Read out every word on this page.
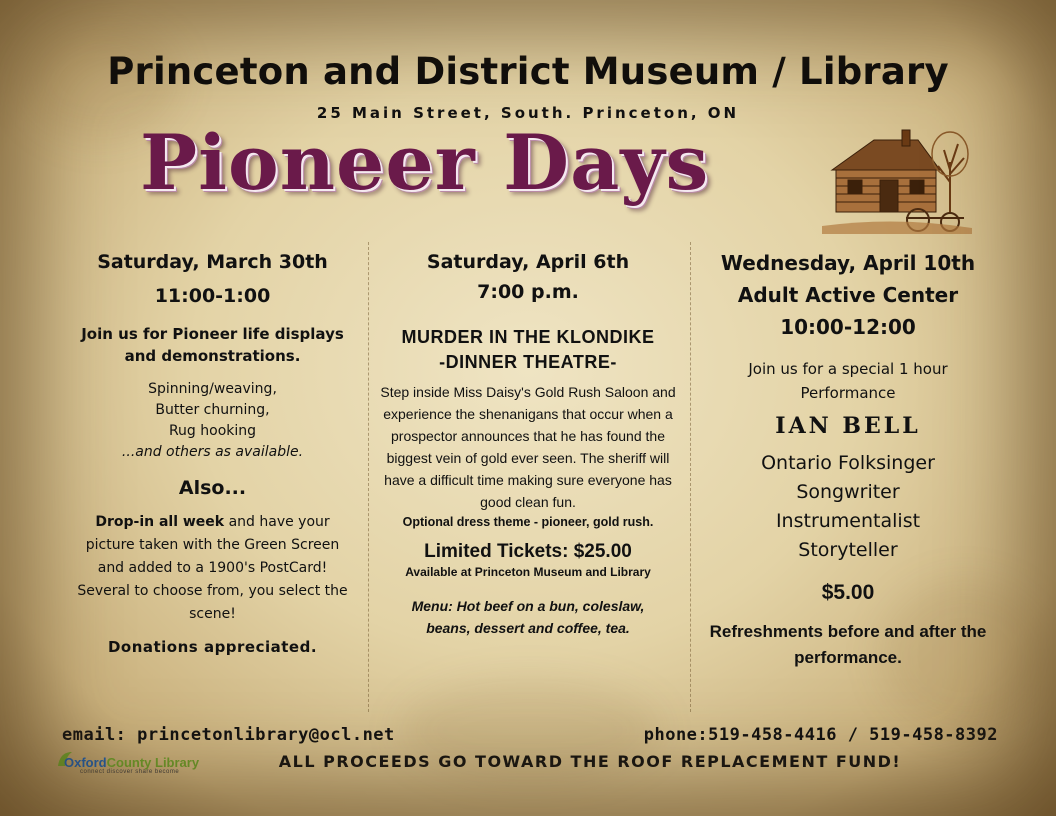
Princeton and District Museum / Library
25 Main Street, South. Princeton, ON
Pioneer Days
Saturday, March 30th
11:00-1:00
Join us for Pioneer life displays and demonstrations.
Spinning/weaving,
Butter churning,
Rug hooking
...and others as available.
Also...
Drop-in all week and have your picture taken with the Green Screen and added to a 1900's PostCard! Several to choose from, you select the scene!
Donations appreciated.
Saturday, April 6th
7:00 p.m.
MURDER IN THE KLONDIKE
-DINNER THEATRE-
Step inside Miss Daisy's Gold Rush Saloon and experience the shenanigans that occur when a prospector announces that he has found the biggest vein of gold ever seen. The sheriff will have a difficult time making sure everyone has good clean fun.
Optional dress theme - pioneer, gold rush.
Limited Tickets: $25.00
Available at Princeton Museum and Library
Menu: Hot beef on a bun, coleslaw, beans, dessert and coffee, tea.
Wednesday, April 10th
Adult Active Center
10:00-12:00
Join us for a special 1 hour Performance
IAN BELL
Ontario Folksinger
Songwriter
Instrumentalist
Storyteller
$5.00
Refreshments before and after the performance.
email: princetonlibrary@ocl.net	phone:519-458-4416 / 519-458-8392
ALL PROCEEDS GO TOWARD THE ROOF REPLACEMENT FUND!
OxfordCounty Library
connect discover share become
